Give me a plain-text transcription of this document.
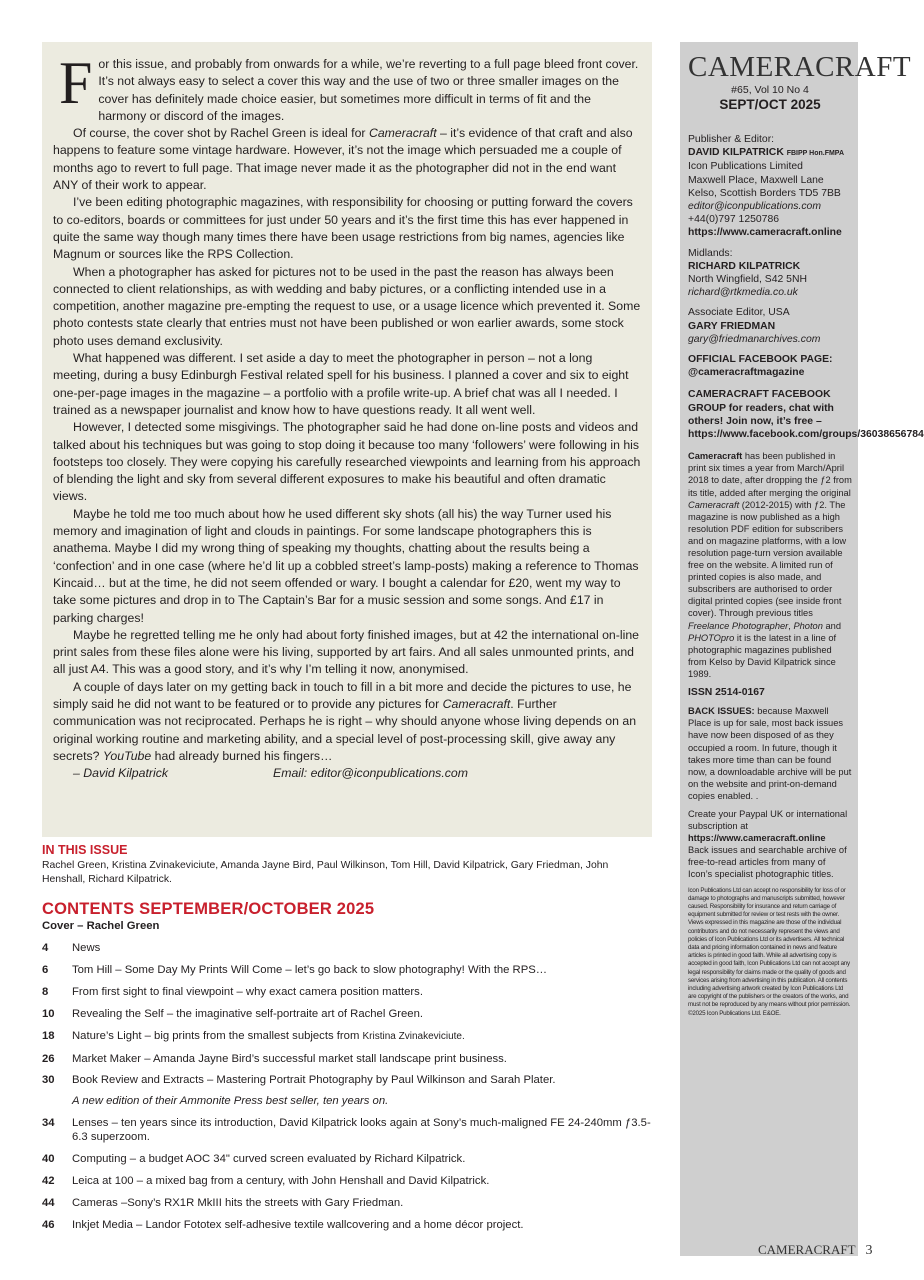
For this issue, and probably from onwards for a while, we’re reverting to a full page bleed front cover. It’s not always easy to select a cover this way and the use of two or three smaller images on the cover has definitely made choice easier, but sometimes more difficult in terms of fit and the harmony or discord of the images.

Of course, the cover shot by Rachel Green is ideal for Cameracraft – it’s evidence of that craft and also happens to feature some vintage hardware. However, it’s not the image which persuaded me a couple of months ago to revert to full page. That image never made it as the photographer did not in the end want ANY of their work to appear.

I’ve been editing photographic magazines, with responsibility for choosing or putting forward the covers to co-editors, boards or committees for just under 50 years and it’s the first time this has ever happened in quite the same way though many times there have been usage restrictions from big names, agencies like Magnum or sources like the RPS Collection.

When a photographer has asked for pictures not to be used in the past the reason has always been connected to client relationships, as with wedding and baby pictures, or a conflicting intended use in a competition, another magazine pre-empting the request to use, or a usage licence which prevented it. Some photo contests state clearly that entries must not have been published or won earlier awards, some stock photo uses demand exclusivity.

What happened was different. I set aside a day to meet the photographer in person – not a long meeting, during a busy Edinburgh Festival related spell for his business. I planned a cover and six to eight one-per-page images in the magazine – a portfolio with a profile write-up. A brief chat was all I needed. I trained as a newspaper journalist and know how to have questions ready. It all went well.

However, I detected some misgivings. The photographer said he had done on-line posts and videos and talked about his techniques but was going to stop doing it because too many ‘followers’ were following in his footsteps too closely. They were copying his carefully researched viewpoints and learning from his approach of blending the light and sky from several different exposures to make his beautiful and often dramatic views.

Maybe he told me too much about how he used different sky shots (all his) the way Turner used his memory and imagination of light and clouds in paintings. For some landscape photographers this is anathema. Maybe I did my wrong thing of speaking my thoughts, chatting about the results being a ‘confection’ and in one case (where he’d lit up a cobbled street’s lamp-posts) making a reference to Thomas Kincaid… but at the time, he did not seem offended or wary. I bought a calendar for £20, went my way to take some pictures and drop in to The Captain’s Bar for a music session and some songs. And £17 in parking charges!

Maybe he regretted telling me he only had about forty finished images, but at 42 the international on-line print sales from these files alone were his living, supported by art fairs. And all sales unmounted prints, and all just A4. This was a good story, and it’s why I’m telling it now, anonymised.

A couple of days later on my getting back in touch to fill in a bit more and decide the pictures to use, he simply said he did not want to be featured or to provide any pictures for Cameracraft. Further communication was not reciprocated. Perhaps he is right – why should anyone whose living depends on an original working routine and marketing ability, and a special level of post-processing skill, give away any secrets? YouTube had already burned his fingers…

– David Kilpatrick	Email: editor@iconpublications.com
IN THIS ISSUE
Rachel Green, Kristina Zvinakeviciute, Amanda Jayne Bird, Paul Wilkinson, Tom Hill, David Kilpatrick, Gary Friedman, John Henshall, Richard Kilpatrick.
CONTENTS SEPTEMBER/OCTOBER 2025
Cover – Rachel Green
4	News
6	Tom Hill – Some Day My Prints Will Come – let’s go back to slow photography! With the RPS…
8	From first sight to final viewpoint – why exact camera position matters.
10	Revealing the Self – the imaginative self-portraite art of Rachel Green.
18	Nature’s Light – big prints from the smallest subjects from Kristina Zvinakeviciute.
26	Market Maker – Amanda Jayne Bird’s successful market stall landscape print business.
30	Book Review and Extracts – Mastering Portrait Photography by Paul Wilkinson and Sarah Plater.
A new edition of their Ammonite Press best seller, ten years on.
34	Lenses – ten years since its introduction, David Kilpatrick looks again at Sony’s much-maligned FE 24-240mm ƒ3.5-6.3 superzoom.
40	Computing – a budget AOC 34" curved screen evaluated by Richard Kilpatrick.
42	Leica at 100 – a mixed bag from a century, with John Henshall and David Kilpatrick.
44	Cameras –Sony’s RX1R MkIII hits the streets with Gary Friedman.
46	Inkjet Media – Landor Fototex self-adhesive textile wallcovering and a home décor project.
CAMERACRAFT
#65, Vol 10 No 4
SEPT/OCT 2025
Publisher & Editor:
DAVID KILPATRICK FBIPP Hon.FMPA
Icon Publications Limited
Maxwell Place, Maxwell Lane
Kelso, Scottish Borders TD5 7BB
editor@iconpublications.com
+44(0)797 1250786
https://www.cameracraft.online
Midlands:
RICHARD KILPATRICK
North Wingfield, S42 5NH
richard@rtkmedia.co.uk
Associate Editor, USA
GARY FRIEDMAN
gary@friedmanarchives.com
OFFICIAL FACEBOOK PAGE: @cameracraftmagazine
CAMERACRAFT FACEBOOK GROUP for readers, chat with others! Join now, it’s free – https://www.facebook.com/groups/36038656784
Cameracraft has been published in print six times a year from March/April 2018 to date, after dropping the ƒ2 from its title, added after merging the original Cameracraft (2012-2015) with ƒ2. The magazine is now published as a high resolution PDF edition for subscribers and on magazine platforms, with a low resolution page-turn version available free on the website. A limited run of printed copies is also made, and subscribers are authorised to order digital printed copies (see inside front cover). Through previous titles Freelance Photographer, Photon and PHOTOpro it is the latest in a line of photographic magazines published from Kelso by David Kilpatrick since 1989.
ISSN 2514-0167
BACK ISSUES: because Maxwell Place is up for sale, most back issues have now been disposed of as they occupied a room. In future, though it takes more time than can be found now, a downloadable archive will be put on the website and print-on-demand copies enabled. .
Create your Paypal UK or international subscription at
https://www.cameracraft.online
Back issues and searchable archive of free-to-read articles from many of Icon’s specialist photographic titles.
Icon Publications Ltd can accept no responsibility for loss of or damage to photographs and manuscripts submitted, however caused. Responsibility for insurance and return carriage of equipment submitted for review or test rests with the owner. Views expressed in this magazine are those of the individual contributors and do not necessarily represent the views and policies of Icon Publications Ltd or its advertisers. All technical data and pricing information contained in news and feature articles is printed in good faith. While all advertising copy is accepted in good faith, Icon Publications Ltd can not accept any legal responsibility for claims made or the quality of goods and services arising from advertising in this publication. All contents including advertising artwork created by Icon Publications Ltd are copyright of the publishers or the creators of the works, and must not be reproduced by any means without prior permission. ©2025 Icon Publications Ltd. E&OE.
CAMERACRAFT 3
